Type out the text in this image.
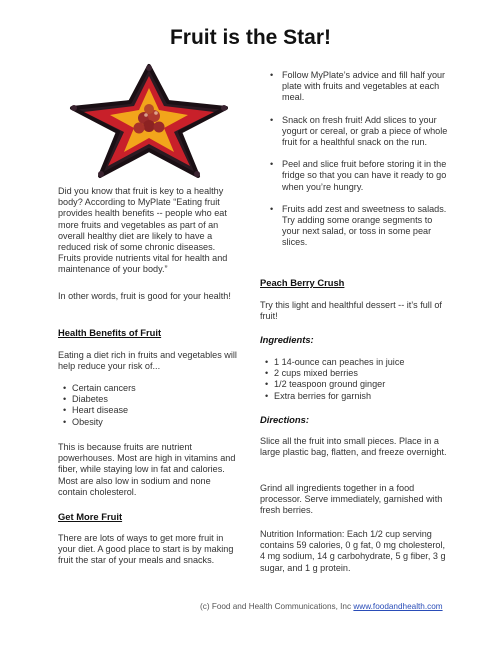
Fruit is the Star!

Did you know that fruit is key to a healthy body? According to MyPlate “Eating fruit provides health benefits -- people who eat more fruits and vegetables as part of an overall healthy diet are likely to have a reduced risk of some chronic diseases. Fruits provide nutrients vital for health and maintenance of your body.”

In other words, fruit is good for your health!

Health Benefits of Fruit

Eating a diet rich in fruits and vegetables will help reduce your risk of...

• Certain cancers
• Diabetes
• Heart disease
• Obesity

This is because fruits are nutrient powerhouses. Most are high in vitamins and fiber, while staying low in fat and calories. Most are also low in sodium and none contain cholesterol.

Get More Fruit

There are lots of ways to get more fruit in your diet. A good place to start is by making fruit the star of your meals and snacks.

• Follow MyPlate’s advice and fill half your plate with fruits and vegetables at each meal.
• Snack on fresh fruit! Add slices to your yogurt or cereal, or grab a piece of whole fruit for a healthful snack on the run.
• Peel and slice fruit before storing it in the fridge so that you can have it ready to go when you’re hungry.
• Fruits add zest and sweetness to salads. Try adding some orange segments to your next salad, or toss in some pear slices.
Peach Berry Crush

Try this light and healthful dessert -- it’s full of fruit!

Ingredients:
• 1 14-ounce can peaches in juice
• 2 cups mixed berries
• 1/2 teaspoon ground ginger
• Extra berries for garnish
Directions:

Slice all the fruit into small pieces. Place in a large plastic bag, flatten, and freeze overnight.

Grind all ingredients together in a food processor. Serve immediately, garnished with fresh berries.

Nutrition Information: Each 1/2 cup serving contains 59 calories, 0 g fat, 0 mg cholesterol, 4 mg sodium, 14 g carbohydrate, 5 g fiber, 3 g sugar, and 1 g protein.

(c) Food and Health Communications, Inc www.foodandhealth.com
